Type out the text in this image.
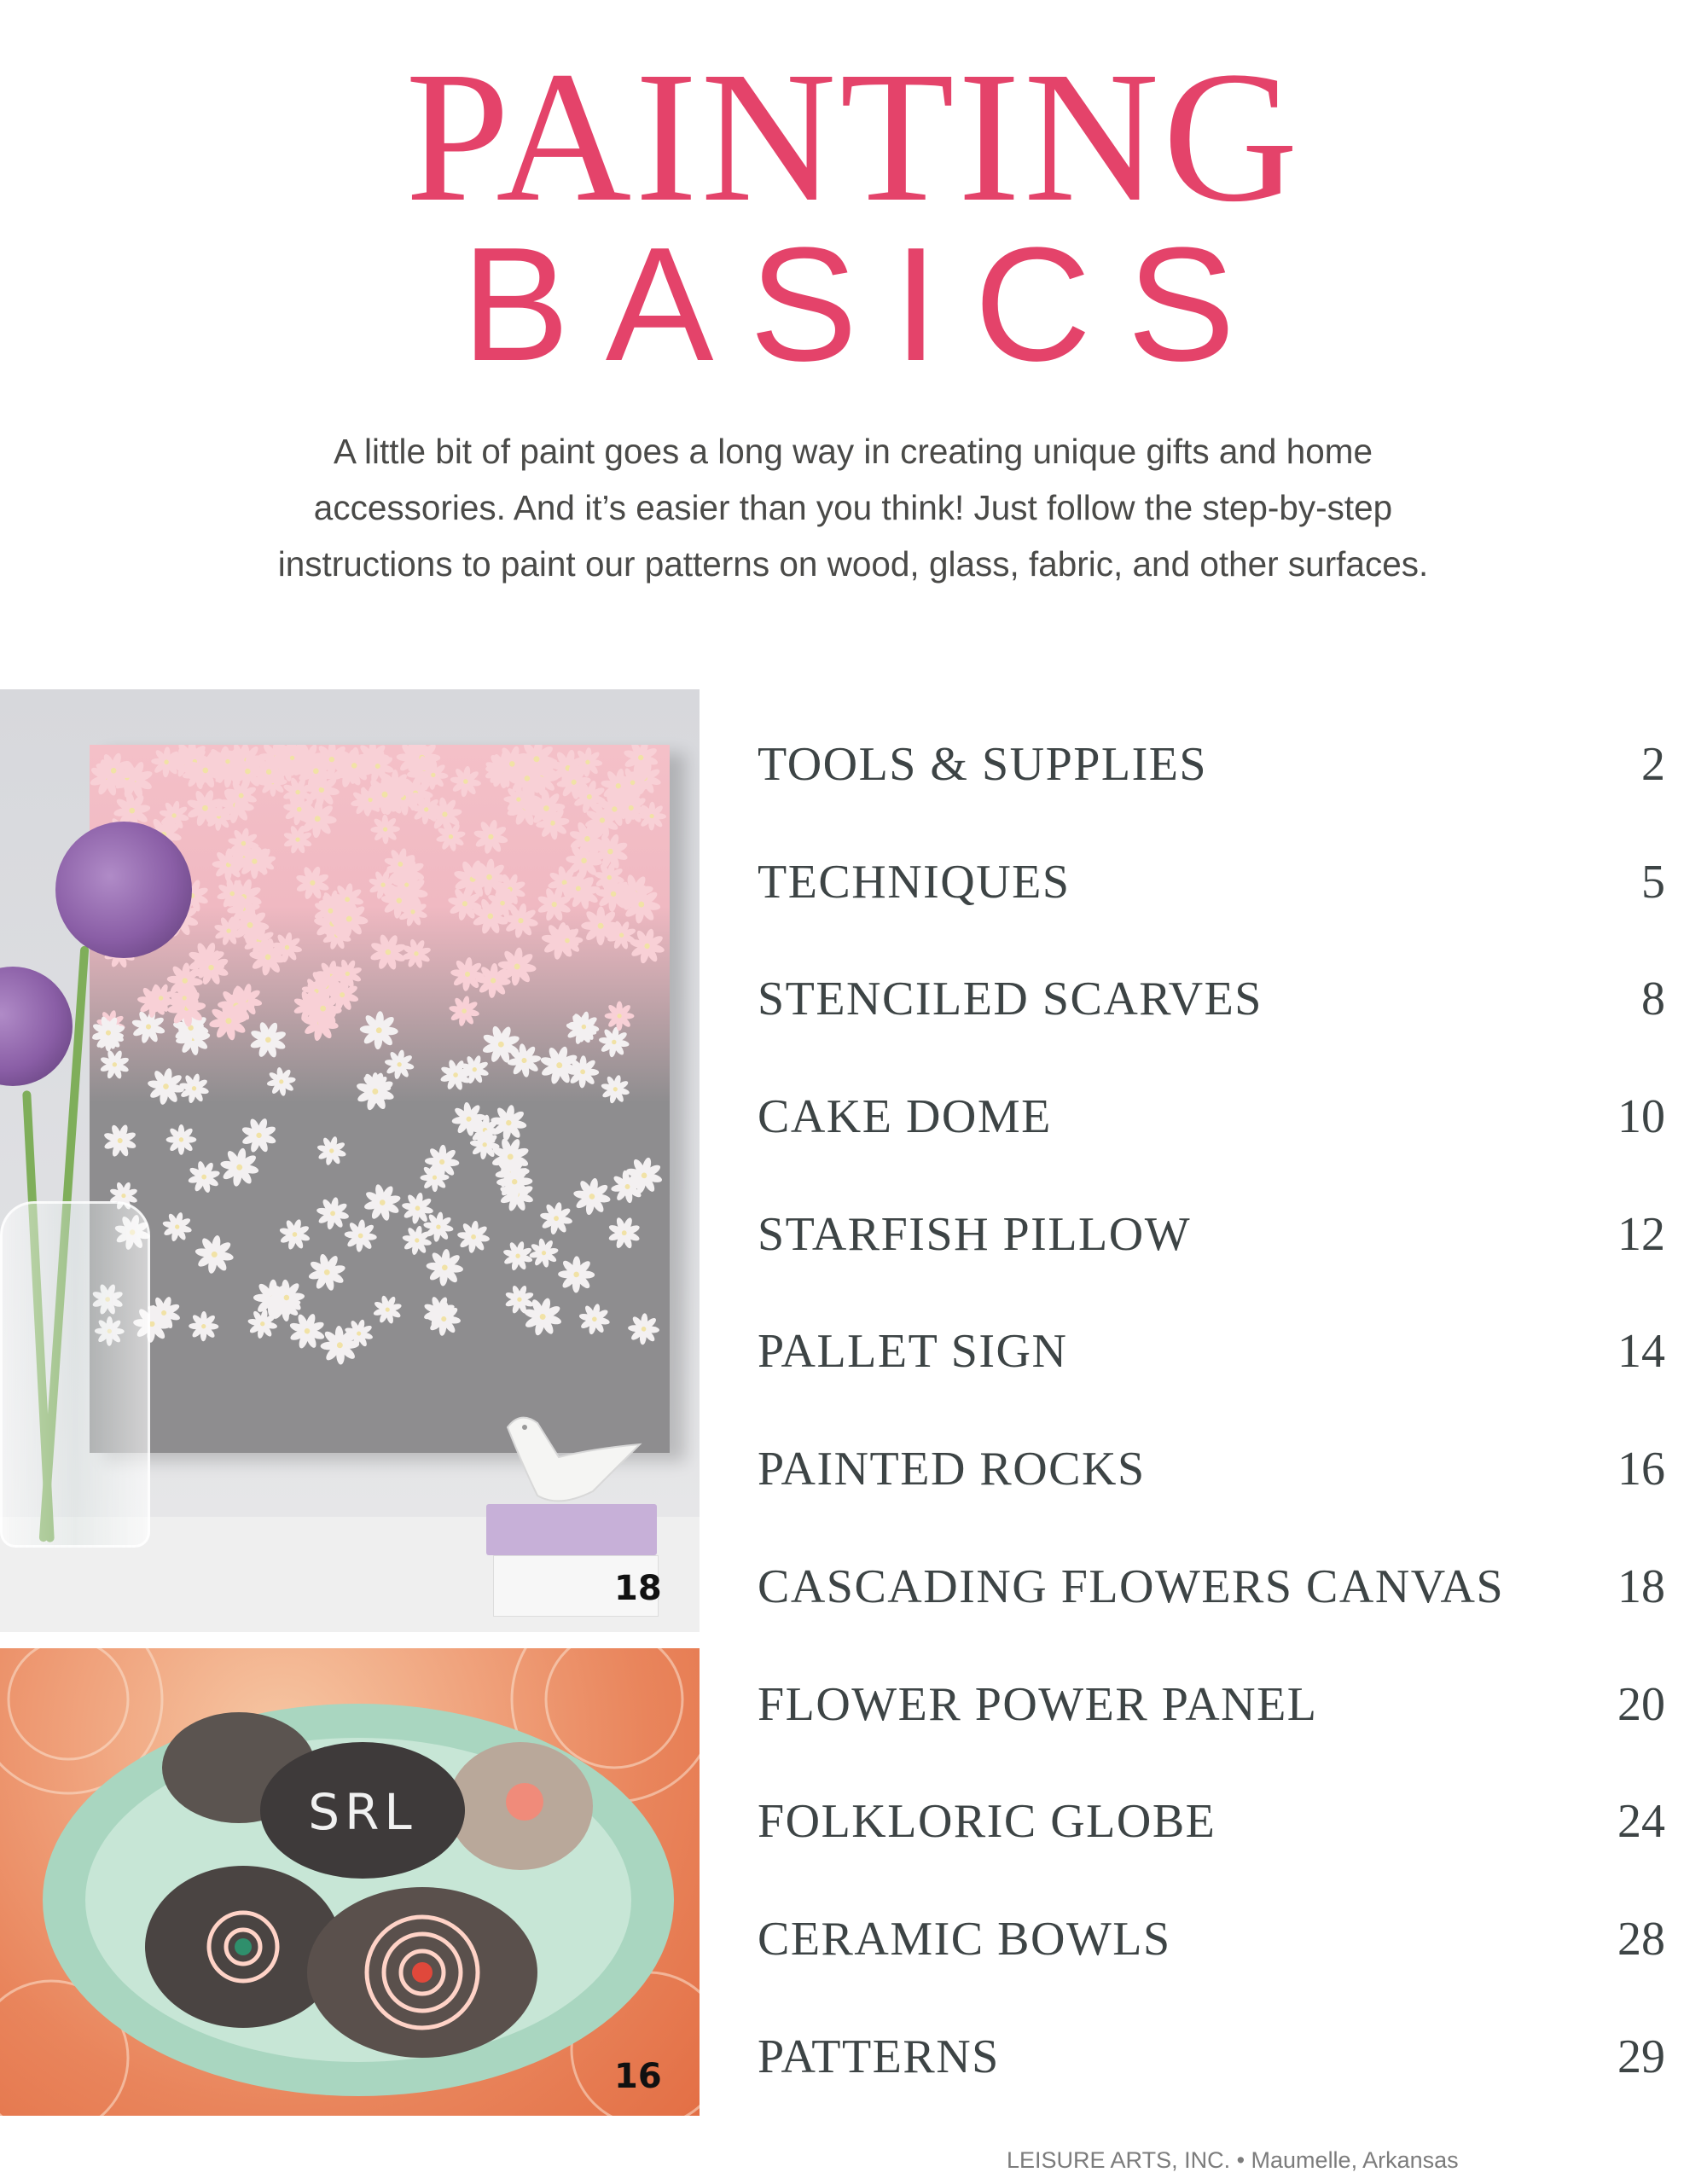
PAINTING
BASICS
A little bit of paint goes a long way in creating unique gifts and home
accessories. And it’s easier than you think! Just follow the step-by-step
instructions to paint our patterns on wood, glass, fabric, and other surfaces.
18
SRL
16
TOOLS & SUPPLIES	2
TECHNIQUES	5
STENCILED SCARVES	8
CAKE DOME	10
STARFISH PILLOW	12
PALLET SIGN	14
PAINTED ROCKS	16
CASCADING FLOWERS CANVAS 18
FLOWER POWER PANEL	20
FOLKLORIC GLOBE	24
CERAMIC BOWLS	28
PATTERNS	29
LEISURE ARTS, INC. • Maumelle, Arkansas
